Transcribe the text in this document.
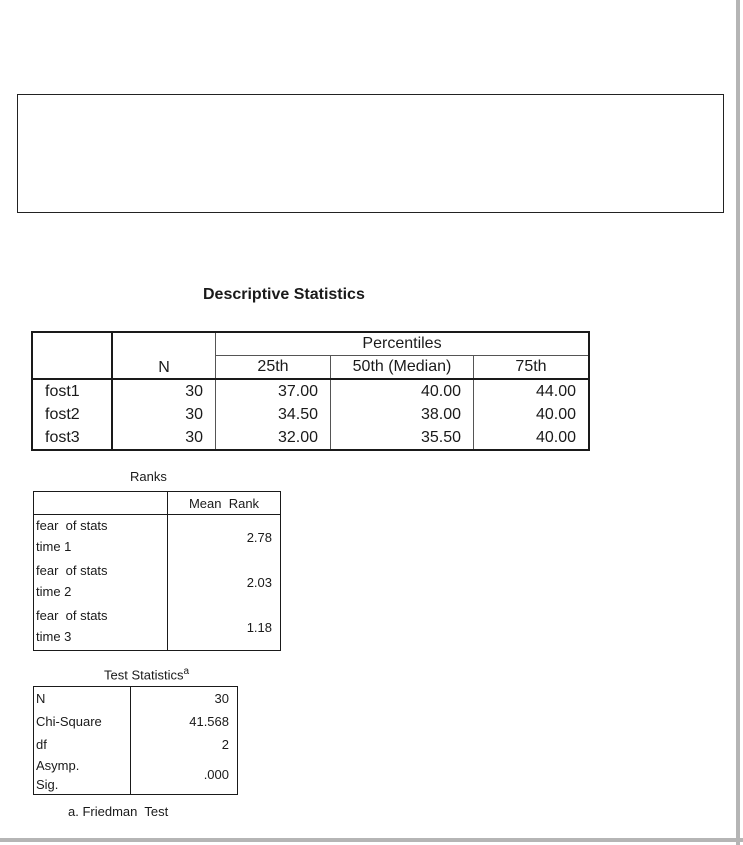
Descriptive Statistics
	N	Percentiles		
		25th	50th (Median)	75th
fost1	30	37.00	40.00	44.00
fost2	30	34.50	38.00	40.00
fost3	30	32.00	35.50	40.00
Ranks
	Mean  Rank
fear  of stats
time 1	2.78
fear  of stats
time 2	2.03
fear  of stats
time 3	1.18
Test Statistics$^a$
N	30
Chi-Square	41.568
df	2
Asymp.
Sig.	.000
a. Friedman  Test
